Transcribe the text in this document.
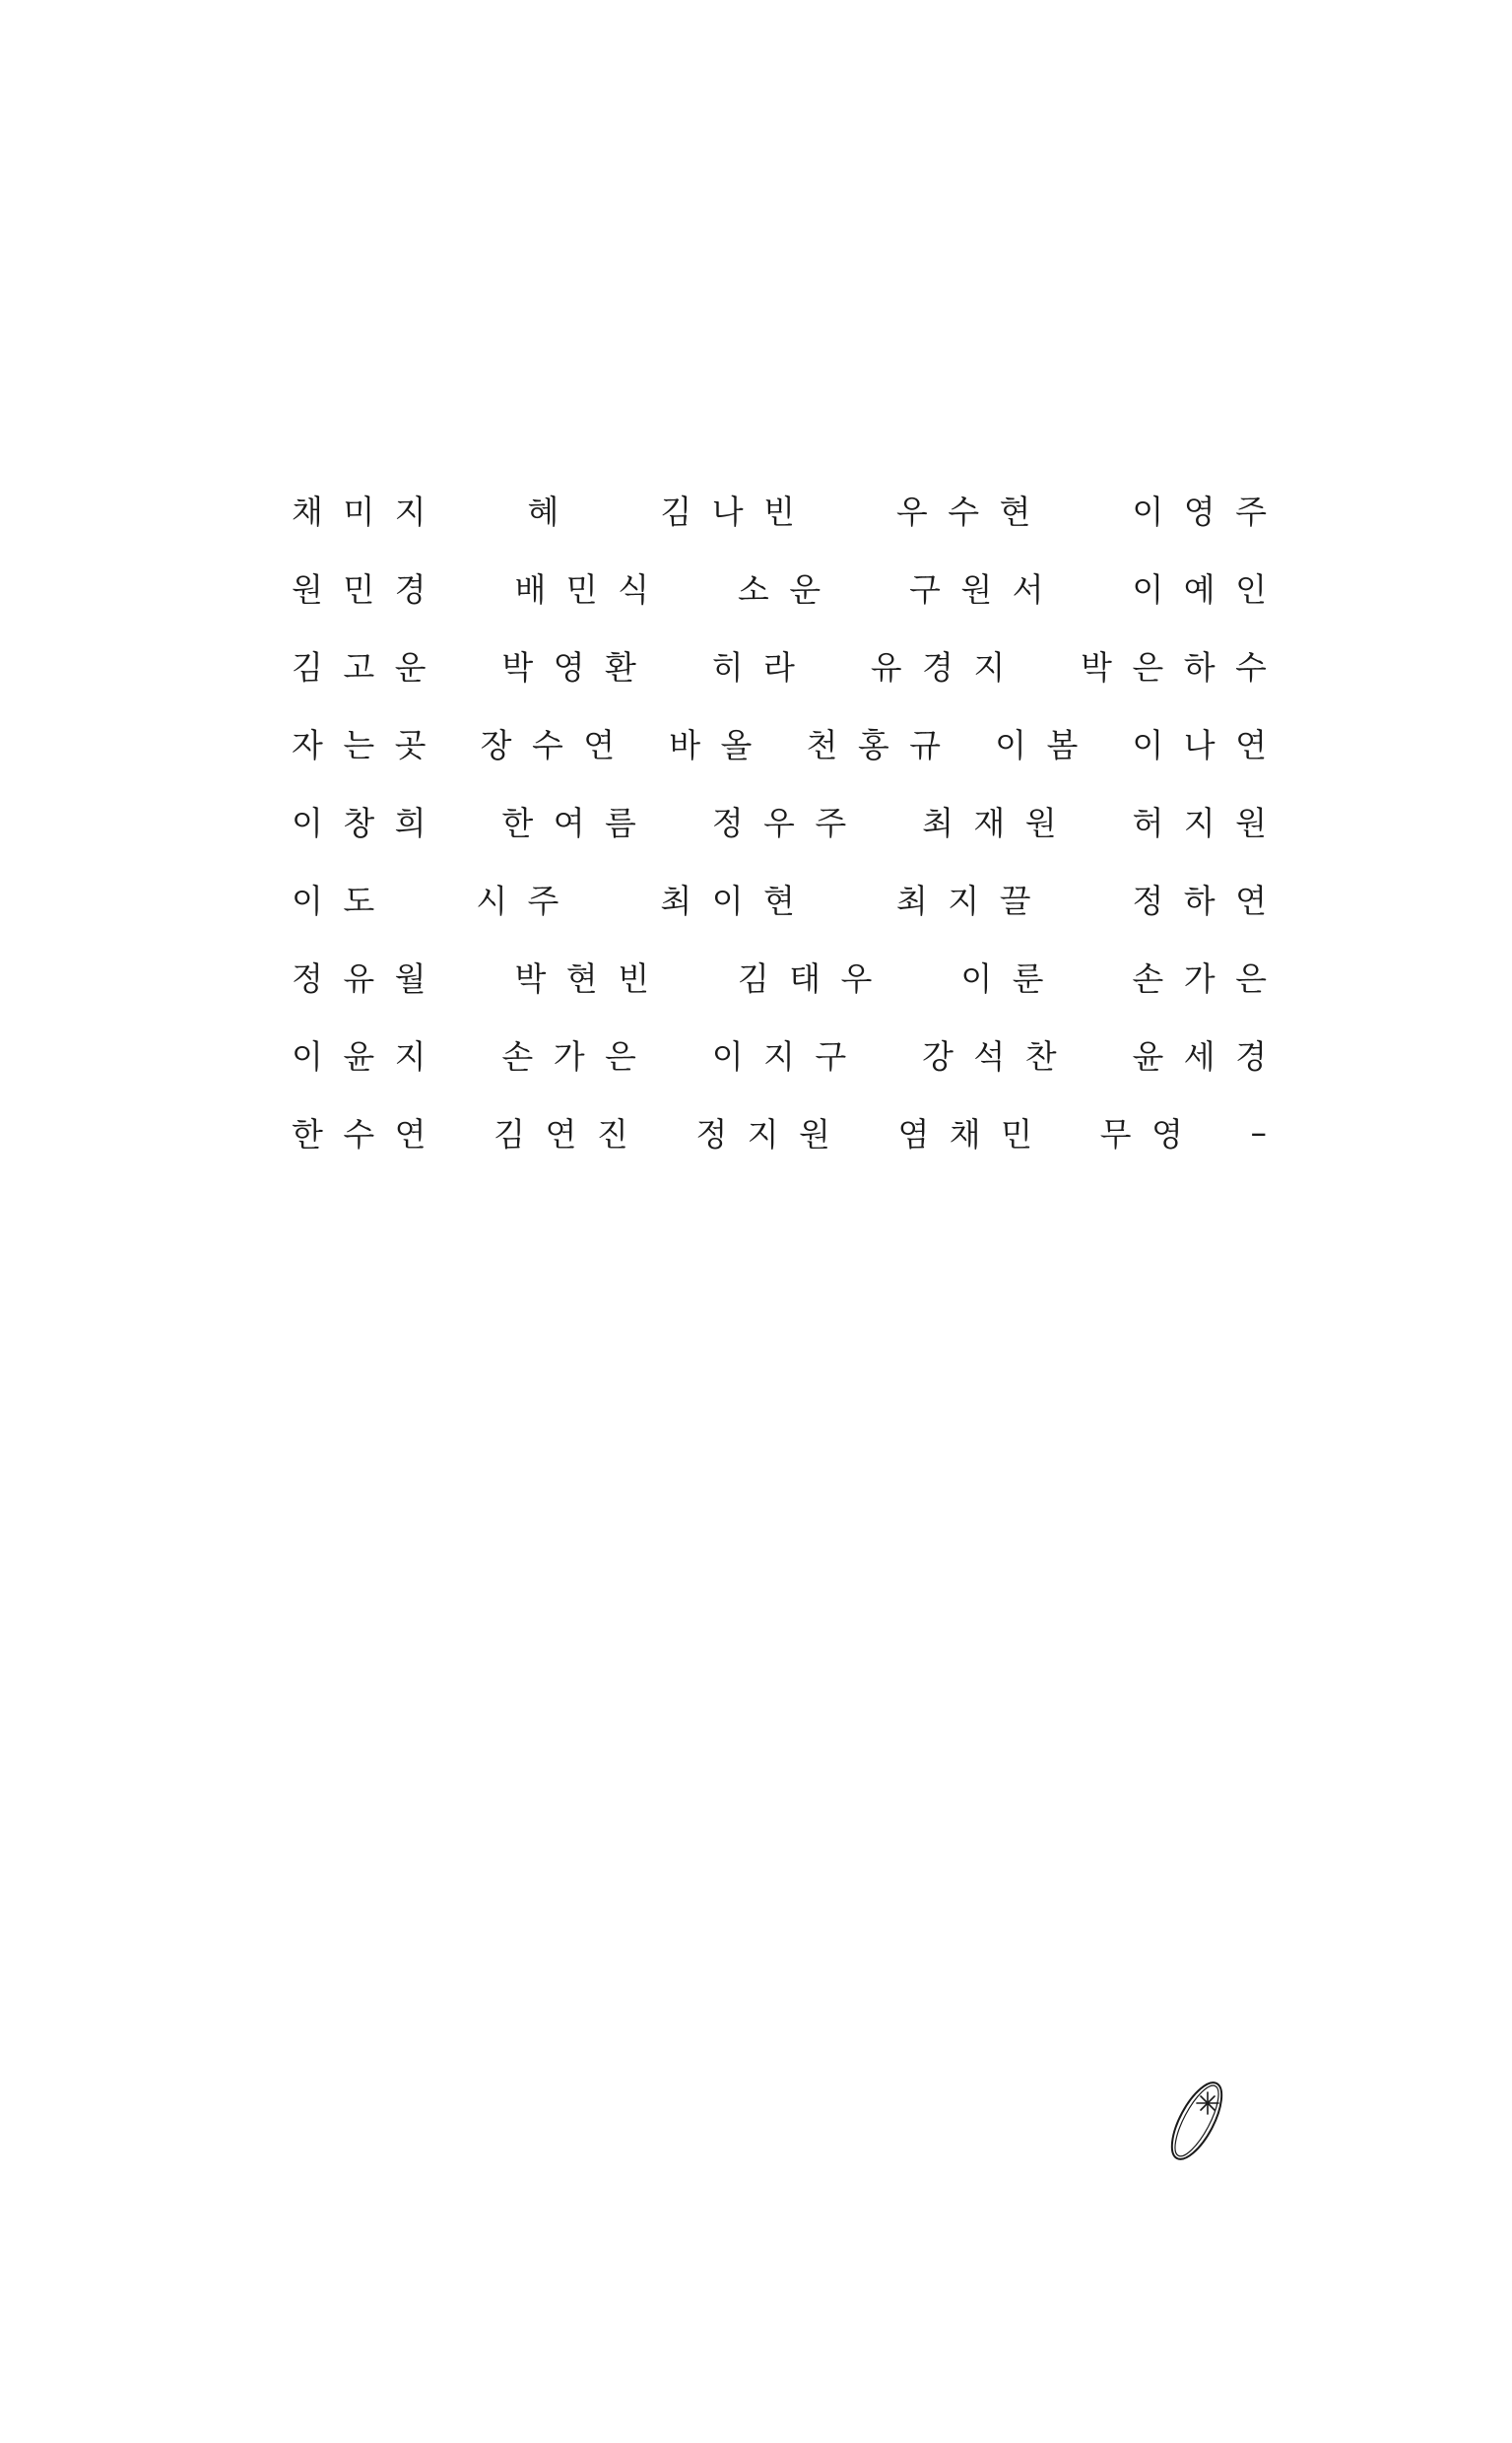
채미지	혜	김나빈	우수현	이영주
원민경 배민식 소운 구원서 이예인
김고운 박영환 히라 유경지 박은하수
자는곳 장수연 바올 천홍규 이봄 이나연
이창희 한여름 정우주 최재원 허지원
이도	시주	최이현	최지끌	정하연
정유월 박현빈 김태우 이룬 손가은
이윤지 손가은 이지구 강석찬 윤세경
한수연 김연진 정지원 염채민 무영 –
